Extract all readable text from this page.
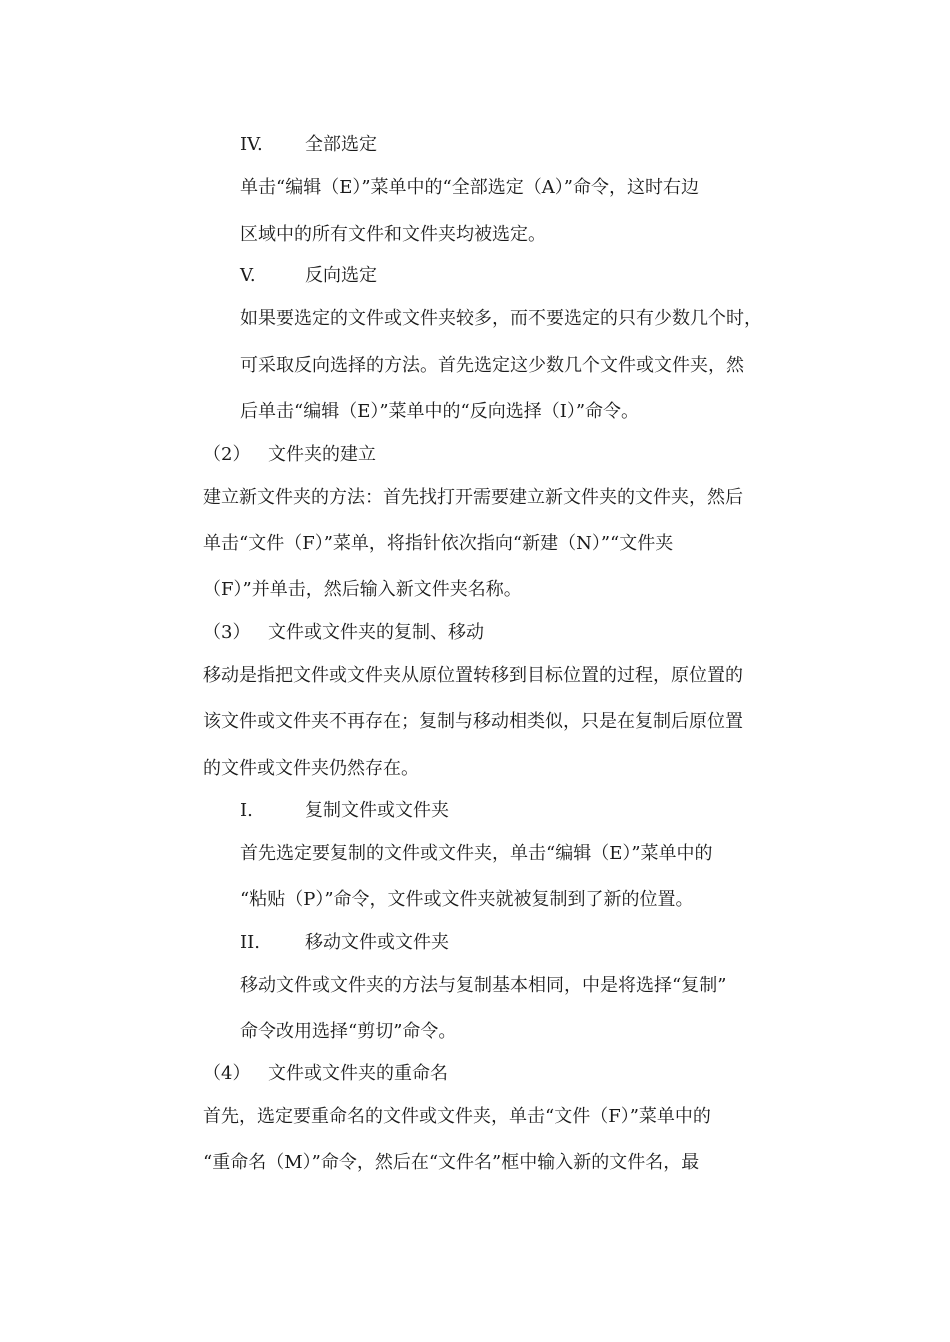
IV. 全部选定
单击“编辑（E）”菜单中的“全部选定（A）”命令，这时右边
区域中的所有文件和文件夹均被选定。
V.	反向选定
如果要选定的文件或文件夹较多，而不要选定的只有少数几个时，
可采取反向选择的方法。首先选定这少数几个文件或文件夹，然
后单击“编辑（E）”菜单中的“反向选择（I）”命令。
（2） 文件夹的建立
建立新文件夹的方法：首先找打开需要建立新文件夹的文件夹，然后
单击“文件（F）”菜单，将指针依次指向“新建（N）”“文件夹
（F）”并单击，然后输入新文件夹名称。
（3） 文件或文件夹的复制、移动
移动是指把文件或文件夹从原位置转移到目标位置的过程，原位置的
该文件或文件夹不再存在；复制与移动相类似，只是在复制后原位置
的文件或文件夹仍然存在。
I.	复制文件或文件夹
首先选定要复制的文件或文件夹，单击“编辑（E）”菜单中的
“粘贴（P）”命令，文件或文件夹就被复制到了新的位置。
II.	移动文件或文件夹
移动文件或文件夹的方法与复制基本相同，中是将选择“复制”
命令改用选择“剪切”命令。
（4） 文件或文件夹的重命名
首先，选定要重命名的文件或文件夹，单击“文件（F）”菜单中的
“重命名（M）”命令，然后在“文件名”框中输入新的文件名，最
